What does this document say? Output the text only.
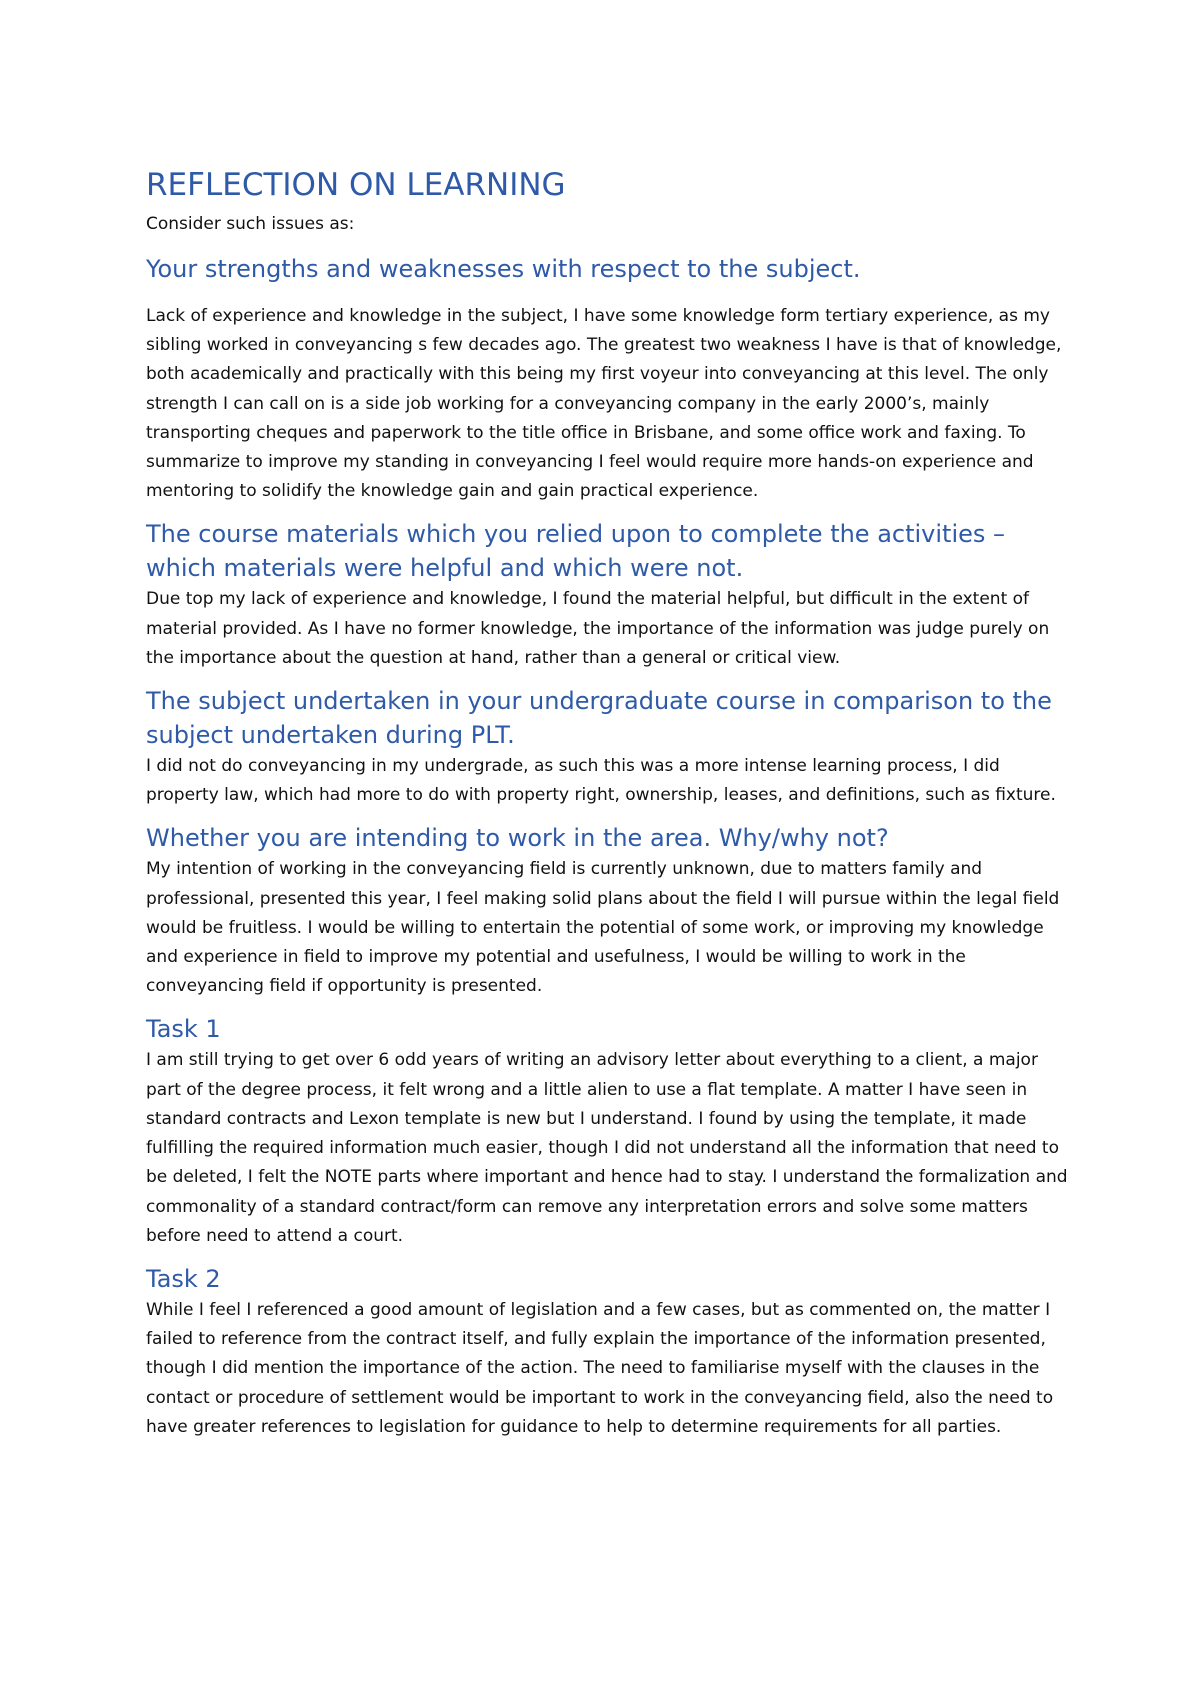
REFLECTION ON LEARNING

Consider such issues as:

Your strengths and weaknesses with respect to the subject.

Lack of experience and knowledge in the subject, I have some knowledge form tertiary experience, as my sibling worked in conveyancing s few decades ago. The greatest two weakness I have is that of knowledge, both academically and practically with this being my first voyeur into conveyancing at this level. The only strength I can call on is a side job working for a conveyancing company in the early 2000’s, mainly transporting cheques and paperwork to the title office in Brisbane, and some office work and faxing. To summarize to improve my standing in conveyancing I feel would require more hands-on experience and mentoring to solidify the knowledge gain and gain practical experience.

The course materials which you relied upon to complete the activities – which materials were helpful and which were not.

Due top my lack of experience and knowledge, I found the material helpful, but difficult in the extent of material provided. As I have no former knowledge, the importance of the information was judge purely on the importance about the question at hand, rather than a general or critical view.

The subject undertaken in your undergraduate course in comparison to the subject undertaken during PLT.

I did not do conveyancing in my undergrade, as such this was a more intense learning process, I did property law, which had more to do with property right, ownership, leases, and definitions, such as fixture.

Whether you are intending to work in the area. Why/why not?

My intention of working in the conveyancing field is currently unknown, due to matters family and professional, presented this year, I feel making solid plans about the field I will pursue within the legal field would be fruitless. I would be willing to entertain the potential of some work, or improving my knowledge and experience in field to improve my potential and usefulness, I would be willing to work in the conveyancing field if opportunity is presented.

Task 1

I am still trying to get over 6 odd years of writing an advisory letter about everything to a client, a major part of the degree process, it felt wrong and a little alien to use a flat template. A matter I have seen in standard contracts and Lexon template is new but I understand. I found by using the template, it made fulfilling the required information much easier, though I did not understand all the information that need to be deleted, I felt the NOTE parts where important and hence had to stay. I understand the formalization and commonality of a standard contract/form can remove any interpretation errors and solve some matters before need to attend a court.

Task 2

While I feel I referenced a good amount of legislation and a few cases, but as commented on, the matter I failed to reference from the contract itself, and fully explain the importance of the information presented, though I did mention the importance of the action. The need to familiarise myself with the clauses in the contact or procedure of settlement would be important to work in the conveyancing field, also the need to have greater references to legislation for guidance to help to determine requirements for all parties.
